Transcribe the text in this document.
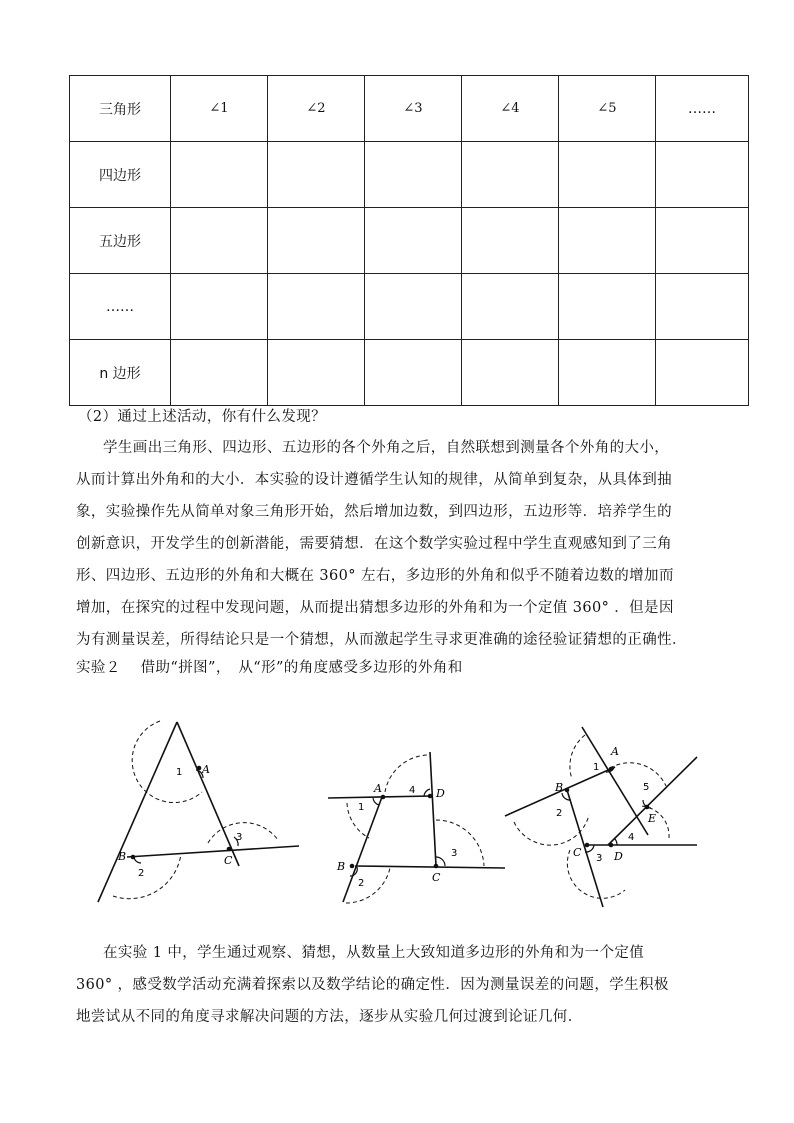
三角形	∠1	∠2	∠3	∠4	∠5	……
四边形						
五边形						
……						
n 边形						
（2）通过上述活动，你有什么发现？
学生画出三角形、四边形、五边形的各个外角之后，自然联想到测量各个外角的大小，
从而计算出外角和的大小．本实验的设计遵循学生认知的规律，从简单到复杂，从具体到抽
象，实验操作先从简单对象三角形开始，然后增加边数，到四边形，五边形等．培养学生的
创新意识，开发学生的创新潜能，需要猜想．在这个数学实验过程中学生直观感知到了三角
形、四边形、五边形的外角和大概在 360° 左右，多边形的外角和似乎不随着边数的增加而
增加，在探究的过程中发现问题，从而提出猜想多边形的外角和为一个定值 360° ．但是因
为有测量误差，所得结论只是一个猜想，从而激起学生寻求更准确的途径验证猜想的正确性．
实验２　 借助“拼图”，　从“形”的角度感受多边形的外角和
A
B	C
1
2
3
A
B
C
D
1
2
3
4
A
B
C	D
E
1
2
3
4
5
在实验 1 中，学生通过观察、猜想，从数量上大致知道多边形的外角和为一个定值
360° ，感受数学活动充满着探索以及数学结论的确定性．因为测量误差的问题，学生积极
地尝试从不同的角度寻求解决问题的方法，逐步从实验几何过渡到论证几何．
